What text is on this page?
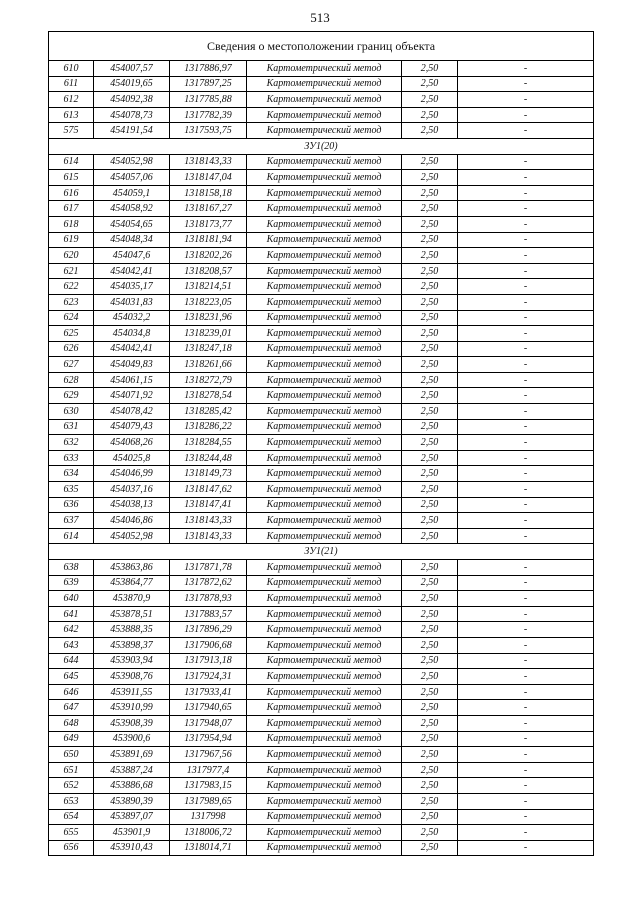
513
Сведения о местоположении границ объекта					
610	454007,57	1317886,97	Картометрический метод	2,50	-
611	454019,65	1317897,25	Картометрический метод	2,50	-
612	454092,38	1317785,88	Картометрический метод	2,50	-
613	454078,73	1317782,39	Картометрический метод	2,50	-
575	454191,54	1317593,75	Картометрический метод	2,50	-
ЗУ1(20)					
614	454052,98	1318143,33	Картометрический метод	2,50	-
615	454057,06	1318147,04	Картометрический метод	2,50	-
616	454059,1	1318158,18	Картометрический метод	2,50	-
617	454058,92	1318167,27	Картометрический метод	2,50	-
618	454054,65	1318173,77	Картометрический метод	2,50	-
619	454048,34	1318181,94	Картометрический метод	2,50	-
620	454047,6	1318202,26	Картометрический метод	2,50	-
621	454042,41	1318208,57	Картометрический метод	2,50	-
622	454035,17	1318214,51	Картометрический метод	2,50	-
623	454031,83	1318223,05	Картометрический метод	2,50	-
624	454032,2	1318231,96	Картометрический метод	2,50	-
625	454034,8	1318239,01	Картометрический метод	2,50	-
626	454042,41	1318247,18	Картометрический метод	2,50	-
627	454049,83	1318261,66	Картометрический метод	2,50	-
628	454061,15	1318272,79	Картометрический метод	2,50	-
629	454071,92	1318278,54	Картометрический метод	2,50	-
630	454078,42	1318285,42	Картометрический метод	2,50	-
631	454079,43	1318286,22	Картометрический метод	2,50	-
632	454068,26	1318284,55	Картометрический метод	2,50	-
633	454025,8	1318244,48	Картометрический метод	2,50	-
634	454046,99	1318149,73	Картометрический метод	2,50	-
635	454037,16	1318147,62	Картометрический метод	2,50	-
636	454038,13	1318147,41	Картометрический метод	2,50	-
637	454046,86	1318143,33	Картометрический метод	2,50	-
614	454052,98	1318143,33	Картометрический метод	2,50	-
ЗУ1(21)					
638	453863,86	1317871,78	Картометрический метод	2,50	-
639	453864,77	1317872,62	Картометрический метод	2,50	-
640	453870,9	1317878,93	Картометрический метод	2,50	-
641	453878,51	1317883,57	Картометрический метод	2,50	-
642	453888,35	1317896,29	Картометрический метод	2,50	-
643	453898,37	1317906,68	Картометрический метод	2,50	-
644	453903,94	1317913,18	Картометрический метод	2,50	-
645	453908,76	1317924,31	Картометрический метод	2,50	-
646	453911,55	1317933,41	Картометрический метод	2,50	-
647	453910,99	1317940,65	Картометрический метод	2,50	-
648	453908,39	1317948,07	Картометрический метод	2,50	-
649	453900,6	1317954,94	Картометрический метод	2,50	-
650	453891,69	1317967,56	Картометрический метод	2,50	-
651	453887,24	1317977,4	Картометрический метод	2,50	-
652	453886,68	1317983,15	Картометрический метод	2,50	-
653	453890,39	1317989,65	Картометрический метод	2,50	-
654	453897,07	1317998	Картометрический метод	2,50	-
655	453901,9	1318006,72	Картометрический метод	2,50	-
656	453910,43	1318014,71	Картометрический метод	2,50	-
